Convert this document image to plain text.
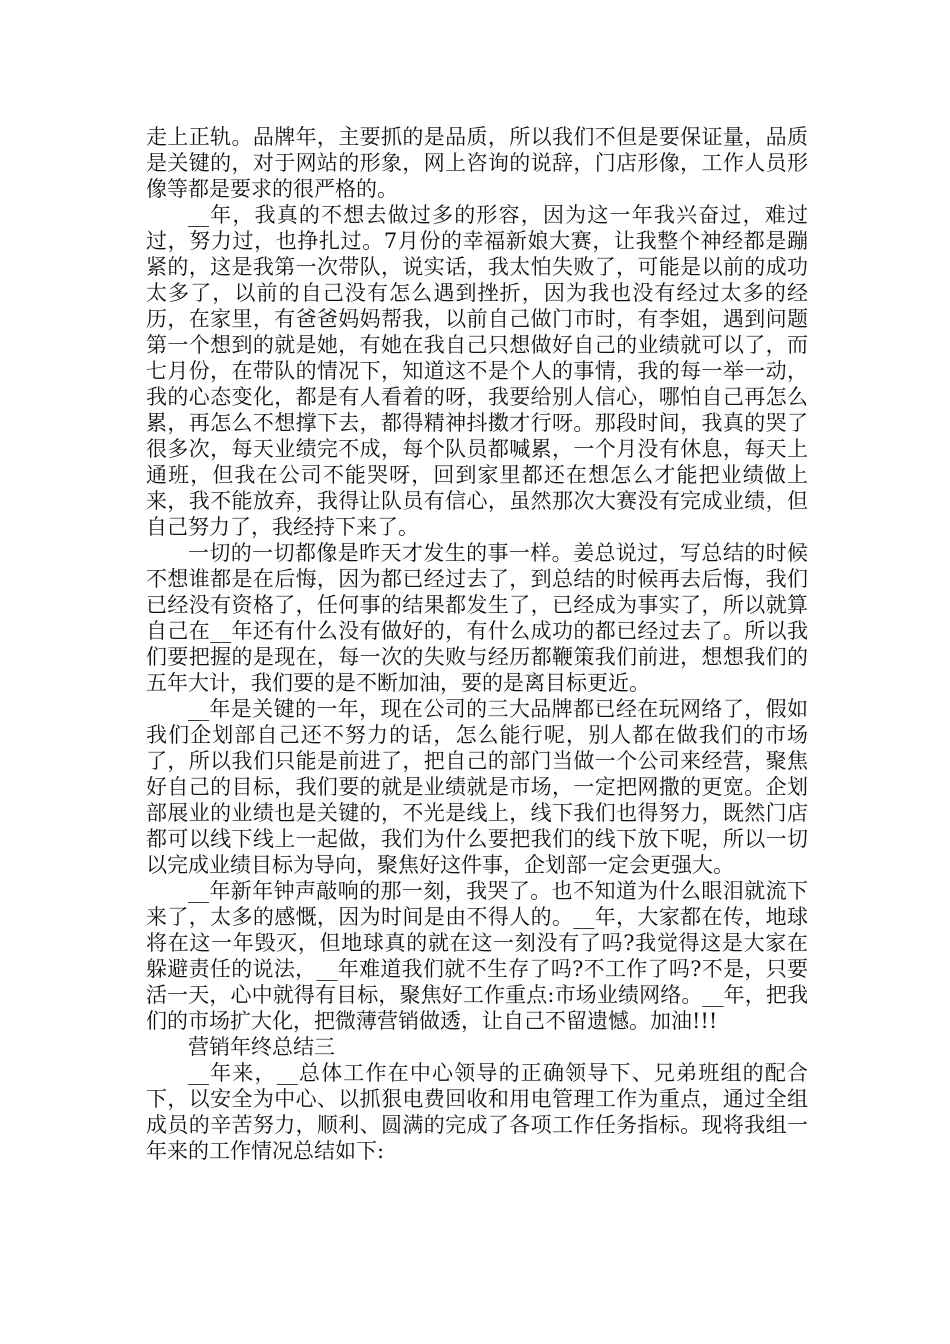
走上正轨。品牌年，主要抓的是品质，所以我们不但是要保证量，品质是关键的，对于网站的形象，网上咨询的说辞，门店形像，工作人员形像等都是要求的很严格的。

__年，我真的不想去做过多的形容，因为这一年我兴奋过，难过过，努力过，也挣扎过。7月份的幸福新娘大赛，让我整个神经都是蹦紧的，这是我第一次带队，说实话，我太怕失败了，可能是以前的成功太多了，以前的自己没有怎么遇到挫折，因为我也没有经过太多的经历，在家里，有爸爸妈妈帮我，以前自己做门市时，有李姐，遇到问题第一个想到的就是她，有她在我自己只想做好自己的业绩就可以了，而七月份，在带队的情况下，知道这不是个人的事情，我的每一举一动，我的心态变化，都是有人看着的呀，我要给别人信心，哪怕自己再怎么累，再怎么不想撑下去，都得精神抖擞才行呀。那段时间，我真的哭了很多次，每天业绩完不成，每个队员都喊累，一个月没有休息，每天上通班，但我在公司不能哭呀，回到家里都还在想怎么才能把业绩做上来，我不能放弃，我得让队员有信心，虽然那次大赛没有完成业绩，但自己努力了，我经持下来了。

一切的一切都像是昨天才发生的事一样。姜总说过，写总结的时候不想谁都是在后悔，因为都已经过去了，到总结的时候再去后悔，我们已经没有资格了，任何事的结果都发生了，已经成为事实了，所以就算自己在__年还有什么没有做好的，有什么成功的都已经过去了。所以我们要把握的是现在，每一次的失败与经历都鞭策我们前进，想想我们的五年大计，我们要的是不断加油，要的是离目标更近。

__年是关键的一年，现在公司的三大品牌都已经在玩网络了，假如我们企划部自己还不努力的话，怎么能行呢，别人都在做我们的市场了，所以我们只能是前进了，把自己的部门当做一个公司来经营，聚焦好自己的目标，我们要的就是业绩就是市场，一定把网撒的更宽。企划部展业的业绩也是关键的，不光是线上，线下我们也得努力，既然门店都可以线下线上一起做，我们为什么要把我们的线下放下呢，所以一切以完成业绩目标为导向，聚焦好这件事，企划部一定会更强大。

__年新年钟声敲响的那一刻，我哭了。也不知道为什么眼泪就流下来了，太多的感慨，因为时间是由不得人的。__年，大家都在传，地球将在这一年毁灭，但地球真的就在这一刻没有了吗?我觉得这是大家在躲避责任的说法，__年难道我们就不生存了吗?不工作了吗?不是，只要活一天，心中就得有目标，聚焦好工作重点:市场业绩网络。__年，把我们的市场扩大化，把微薄营销做透，让自己不留遗憾。加油!!!

营销年终总结三

__年来，__总体工作在中心领导的正确领导下、兄弟班组的配合下，以安全为中心、以抓狠电费回收和用电管理工作为重点，通过全组成员的辛苦努力，顺利、圆满的完成了各项工作任务指标。现将我组一年来的工作情况总结如下:
